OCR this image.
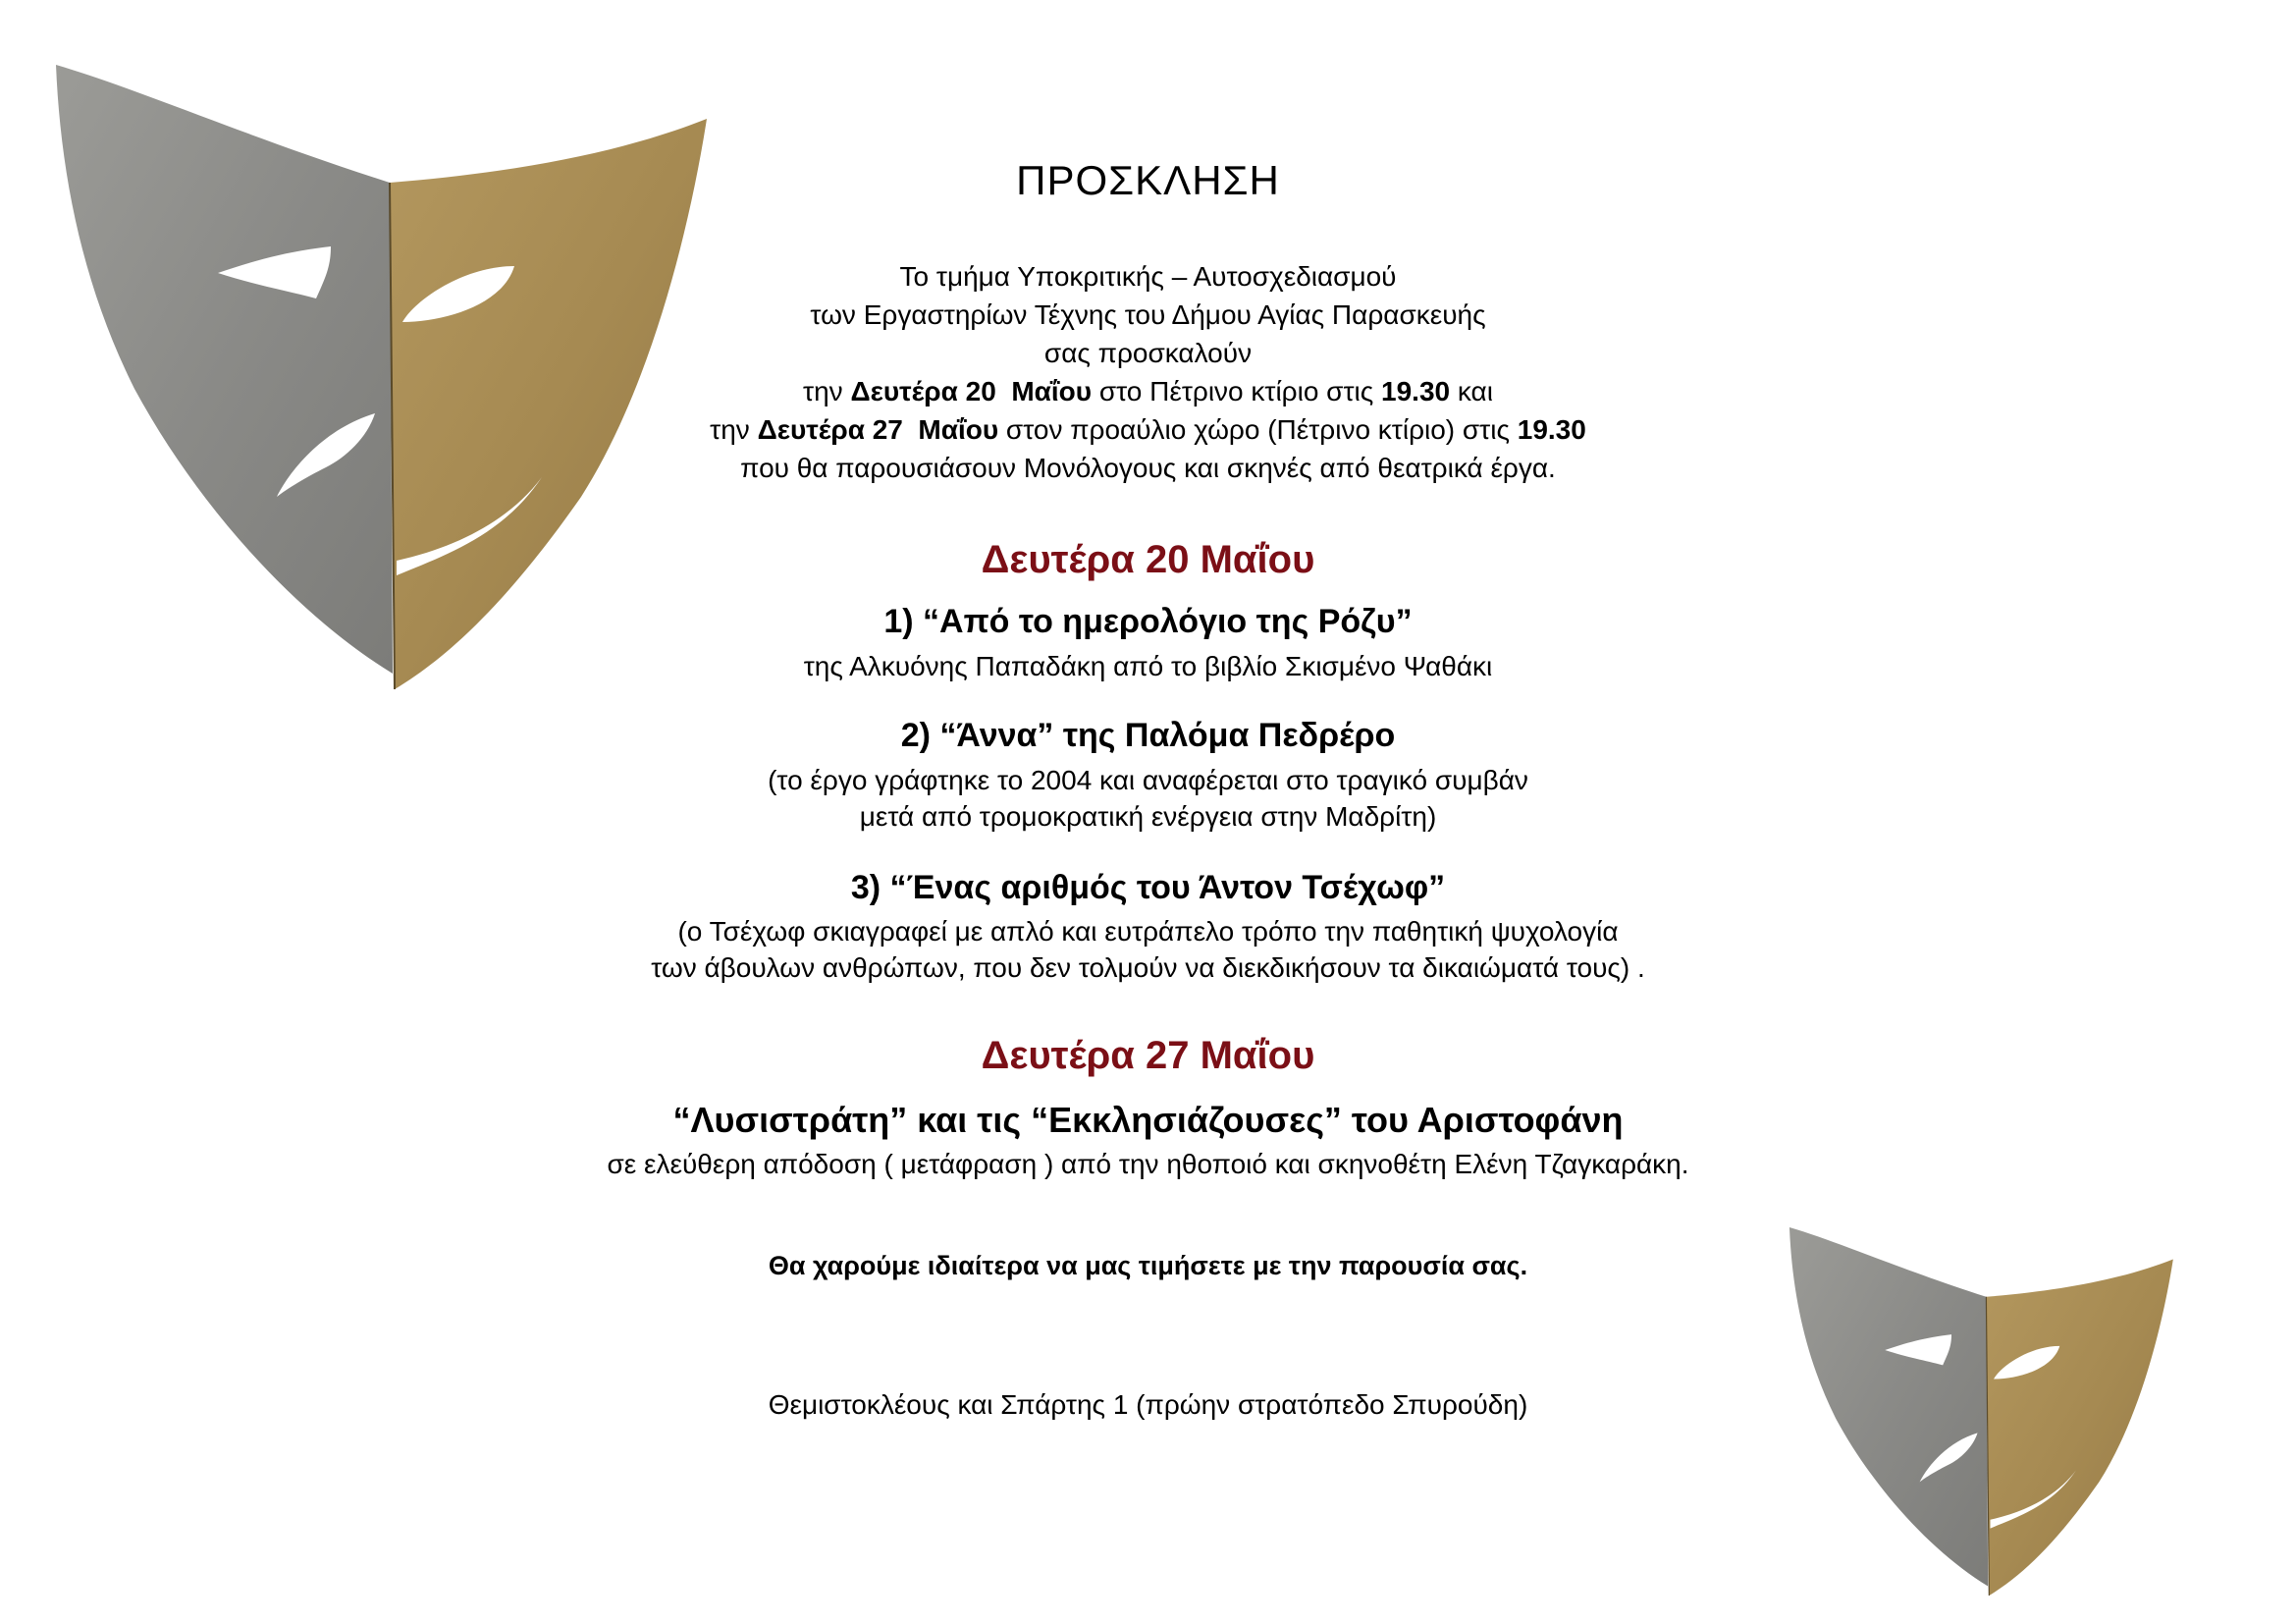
ΠΡΟΣΚΛΗΣΗ
Το τμήμα Υποκριτικής – Αυτοσχεδιασμού
των Εργαστηρίων Τέχνης του Δήμου Αγίας Παρασκευής
σας προσκαλούν
την Δευτέρα 20  Μαΐου στο Πέτρινο κτίριο στις 19.30 και
την Δευτέρα 27  Μαΐου στον προαύλιο χώρο (Πέτρινο κτίριο) στις 19.30
που θα παρουσιάσουν Μονόλογους και σκηνές από θεατρικά έργα.
Δευτέρα 20 Μαΐου
1) “Από το ημερολόγιο της Ρόζυ”
της Αλκυόνης Παπαδάκη από το βιβλίο Σκισμένο Ψαθάκι
2) “Άννα” της Παλόμα Πεδρέρο
(το έργο γράφτηκε το 2004 και αναφέρεται στο τραγικό συμβάν
μετά από τρομοκρατική ενέργεια στην Μαδρίτη)
3) “Ένας αριθμός του Άντον Τσέχωφ”
(ο Τσέχωφ σκιαγραφεί με απλό και ευτράπελο τρόπο την παθητική ψυχολογία
των άβουλων ανθρώπων, που δεν τολμούν να διεκδικήσουν τα δικαιώματά τους) .
Δευτέρα 27 Μαΐου
“Λυσιστράτη” και τις “Εκκλησιάζουσες” του Αριστοφάνη
σε ελεύθερη απόδοση ( μετάφραση ) από την ηθοποιό και σκηνοθέτη Ελένη Τζαγκαράκη.
Θα χαρούμε ιδιαίτερα να μας τιμήσετε με την παρουσία σας.
Θεμιστοκλέους και Σπάρτης 1 (πρώην στρατόπεδο Σπυρούδη)
